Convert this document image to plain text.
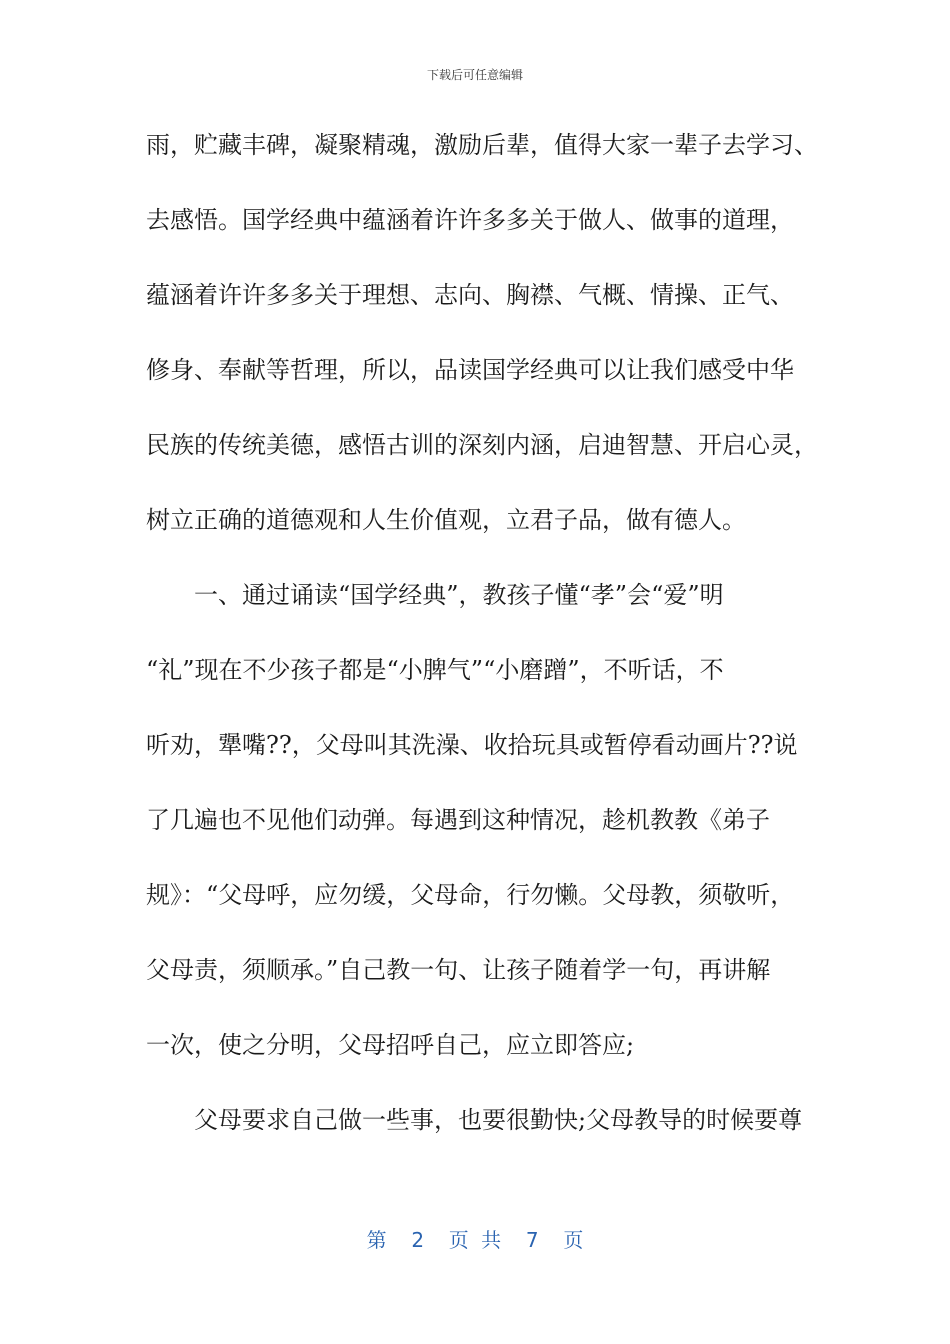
下载后可任意编辑
雨，贮藏丰碑，凝聚精魂，激励后辈，值得大家一辈子去学习、
去感悟。国学经典中蕴涵着许许多多关于做人、做事的道理，
蕴涵着许许多多关于理想、志向、胸襟、气概、情操、正气、
修身、奉献等哲理，所以，品读国学经典可以让我们感受中华
民族的传统美德，感悟古训的深刻内涵，启迪智慧、开启心灵，
树立正确的道德观和人生价值观，立君子品，做有德人。
一、通过诵读“国学经典”，教孩子懂“孝”会“爱”明
“礼”现在不少孩子都是“小脾气”“小磨蹭”，不听话，不
听劝，犟嘴??，父母叫其洗澡、收拾玩具或暂停看动画片??说
了几遍也不见他们动弹。每遇到这种情况，趁机教教《弟子
规》：“父母呼，应勿缓，父母命，行勿懒。父母教，须敬听，
父母责，须顺承。”自己教一句、让孩子随着学一句，再讲解
一次，使之分明，父母招呼自己，应立即答应;
父母要求自己做一些事，也要很勤快;父母教导的时候要尊
第  2  页 共  7  页
